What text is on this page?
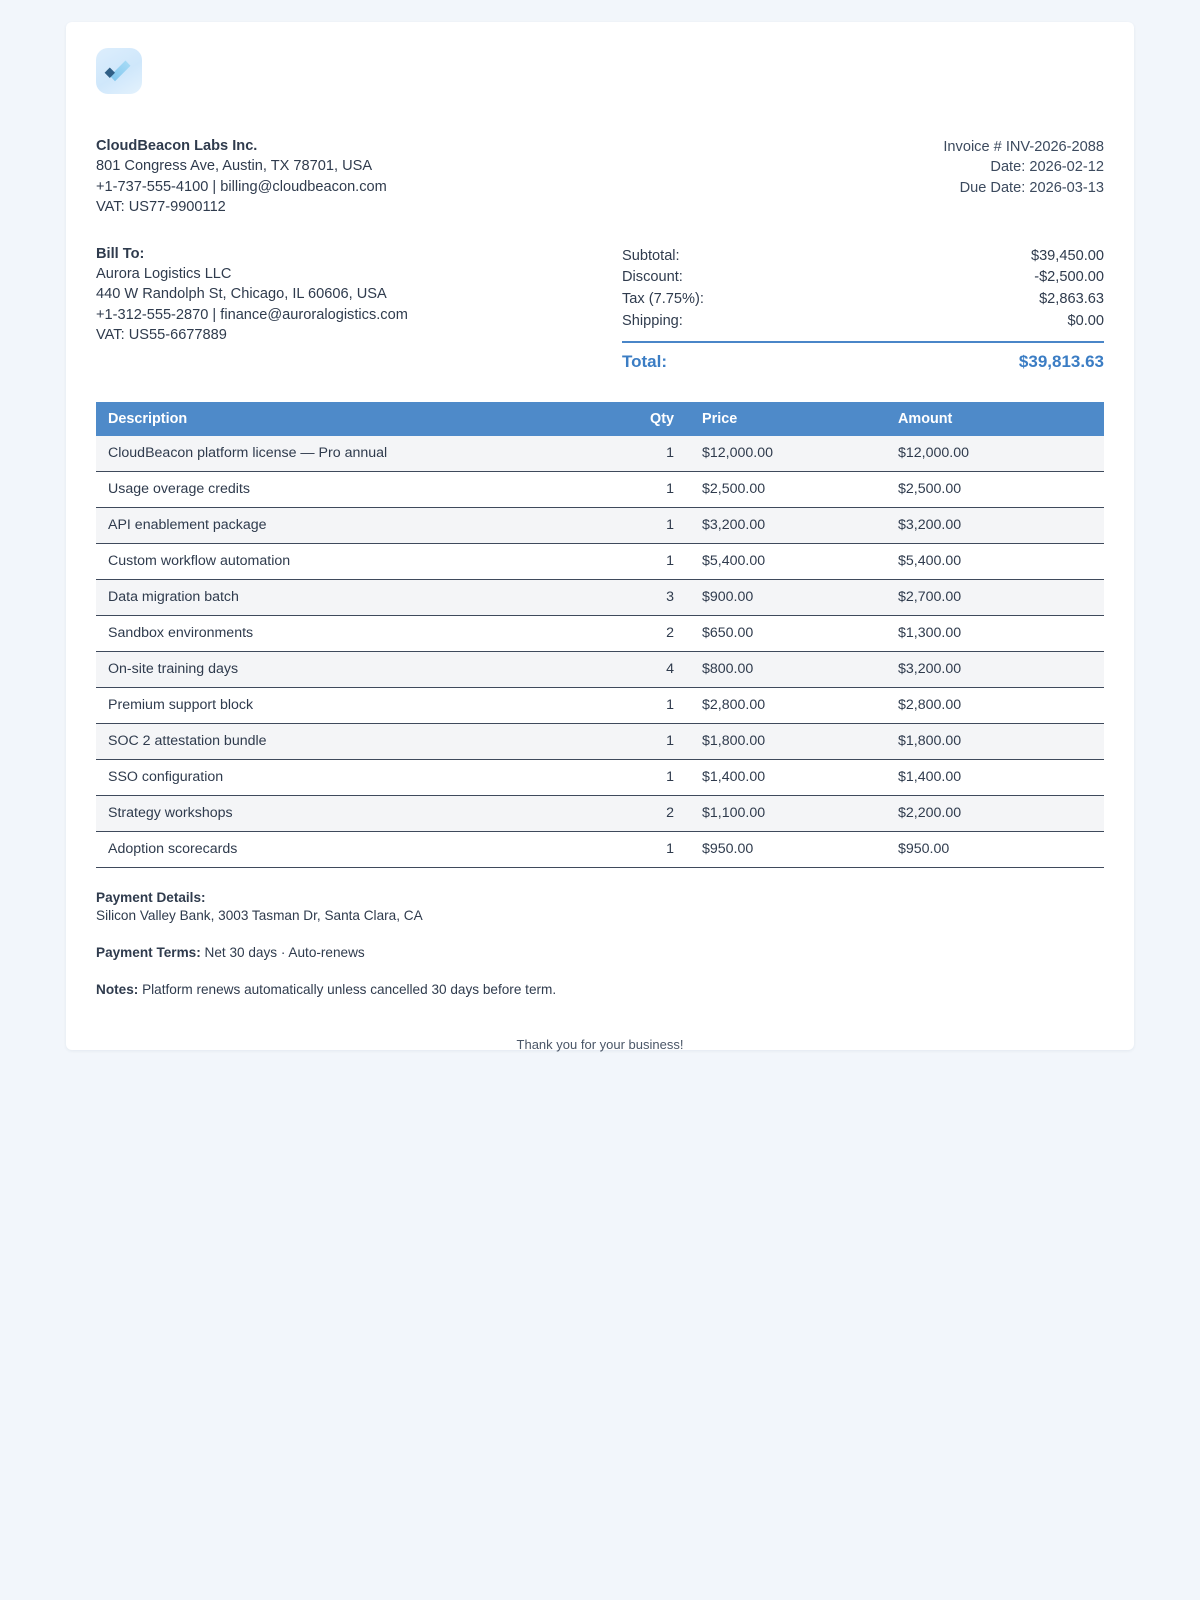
CloudBeacon Labs Inc.
801 Congress Ave, Austin, TX 78701, USA
+1-737-555-4100 | billing@cloudbeacon.com
VAT: US77-9900112
Invoice # INV-2026-2088
Date: 2026-02-12
Due Date: 2026-03-13
Bill To:
Aurora Logistics LLC
440 W Randolph St, Chicago, IL 60606, USA
+1-312-555-2870 | finance@auroralogistics.com
VAT: US55-6677889
Subtotal:	$39,450.00
Discount:	-$2,500.00
Tax (7.75%):	$2,863.63
Shipping:	$0.00
Total:	$39,813.63
Description	Qty	Price	Amount
CloudBeacon platform license — Pro annual	1	$12,000.00	$12,000.00
Usage overage credits	1	$2,500.00	$2,500.00
API enablement package	1	$3,200.00	$3,200.00
Custom workflow automation	1	$5,400.00	$5,400.00
Data migration batch	3	$900.00	$2,700.00
Sandbox environments	2	$650.00	$1,300.00
On-site training days	4	$800.00	$3,200.00
Premium support block	1	$2,800.00	$2,800.00
SOC 2 attestation bundle	1	$1,800.00	$1,800.00
SSO configuration	1	$1,400.00	$1,400.00
Strategy workshops	2	$1,100.00	$2,200.00
Adoption scorecards	1	$950.00	$950.00
Payment Details:
Silicon Valley Bank, 3003 Tasman Dr, Santa Clara, CA
Payment Terms: Net 30 days · Auto-renews
Notes: Platform renews automatically unless cancelled 30 days before term.
Thank you for your business!
